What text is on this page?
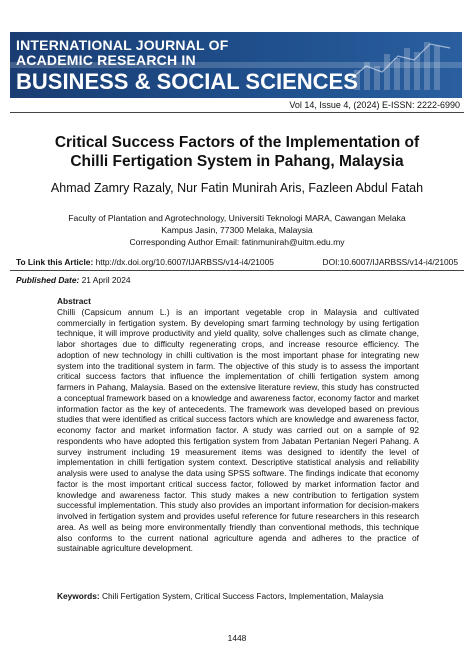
INTERNATIONAL JOURNAL OF
ACADEMIC RESEARCH IN
BUSINESS & SOCIAL SCIENCES
Vol 14, Issue 4, (2024) E-ISSN: 2222-6990
Critical Success Factors of the Implementation of Chilli Fertigation System in Pahang, Malaysia
Ahmad Zamry Razaly, Nur Fatin Munirah Aris, Fazleen Abdul Fatah
Faculty of Plantation and Agrotechnology, Universiti Teknologi MARA, Cawangan Melaka
Kampus Jasin, 77300 Melaka, Malaysia
Corresponding Author Email: fatinmunirah@uitm.edu.my
To Link this Article: http://dx.doi.org/10.6007/IJARBSS/v14-i4/21005	DOI:10.6007/IJARBSS/v14-i4/21005
Published Date: 21 April 2024
Abstract
Chilli (Capsicum annum L.) is an important vegetable crop in Malaysia and cultivated commercially in fertigation system. By developing smart farming technology by using fertigation technique, it will improve productivity and yield quality, solve challenges such as climate change, labor shortages due to difficulty regenerating crops, and increase resource efficiency. The adoption of new technology in chilli cultivation is the most important phase for integrating new system into the traditional system in farm. The objective of this study is to assess the important critical success factors that influence the implementation of chilli fertigation system among farmers in Pahang, Malaysia. Based on the extensive literature review, this study has constructed a conceptual framework based on a knowledge and awareness factor, economy factor and market information factor as the key of antecedents. The framework was developed based on previous studies that were identified as critical success factors which are knowledge and awareness factor, economy factor and market information factor. A study was carried out on a sample of 92 respondents who have adopted this fertigation system from Jabatan Pertanian Negeri Pahang. A survey instrument including 19 measurement items was designed to identify the level of implementation in chilli fertigation system context. Descriptive statistical analysis and reliability analysis were used to analyse the data using SPSS software. The findings indicate that economy factor is the most important critical success factor, followed by market information factor and knowledge and awareness factor. This study makes a new contribution to fertigation system successful implementation. This study also provides an important information for decision-makers involved in fertigation system and provides useful reference for future researchers in this research area. As well as being more environmentally friendly than conventional methods, this technique also conforms to the current national agriculture agenda and adheres to the practice of sustainable agriculture development.
Keywords: Chili Fertigation System, Critical Success Factors, Implementation, Malaysia
1448
